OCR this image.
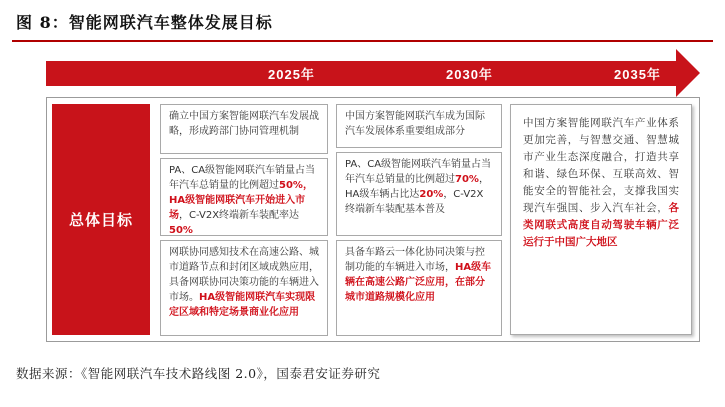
图 8：智能网联汽车整体发展目标
2025年	2030年	2035年
总体目标
确立中国方案智能网联汽车发展战略，形成跨部门协同管理机制
PA、CA级智能网联汽车销量占当年汽车总销量的比例超过50%，HA级智能网联汽车开始进入市场，C-V2X终端新车装配率达50%
网联协同感知技术在高速公路、城市道路节点和封闭区域成熟应用，具备网联协同决策功能的车辆进入市场。HA级智能网联汽车实现限定区域和特定场景商业化应用
中国方案智能网联汽车成为国际汽车发展体系重要组成部分
PA、CA级智能网联汽车销量占当年汽车总销量的比例超过70%，HA级车辆占比达20%，C-V2X终端新车装配基本普及
具备车路云一体化协同决策与控制功能的车辆进入市场，HA级车辆在高速公路广泛应用，在部分城市道路规模化应用
中国方案智能网联汽车产业体系更加完善，与智慧交通、智慧城市产业生态深度融合，打造共享和谐、绿色环保、互联高效、智能安全的智能社会，支撑我国实现汽车强国、步入汽车社会，各类网联式高度自动驾驶车辆广泛运行于中国广大地区
数据来源：《智能网联汽车技术路线图 2.0》，国泰君安证券研究
